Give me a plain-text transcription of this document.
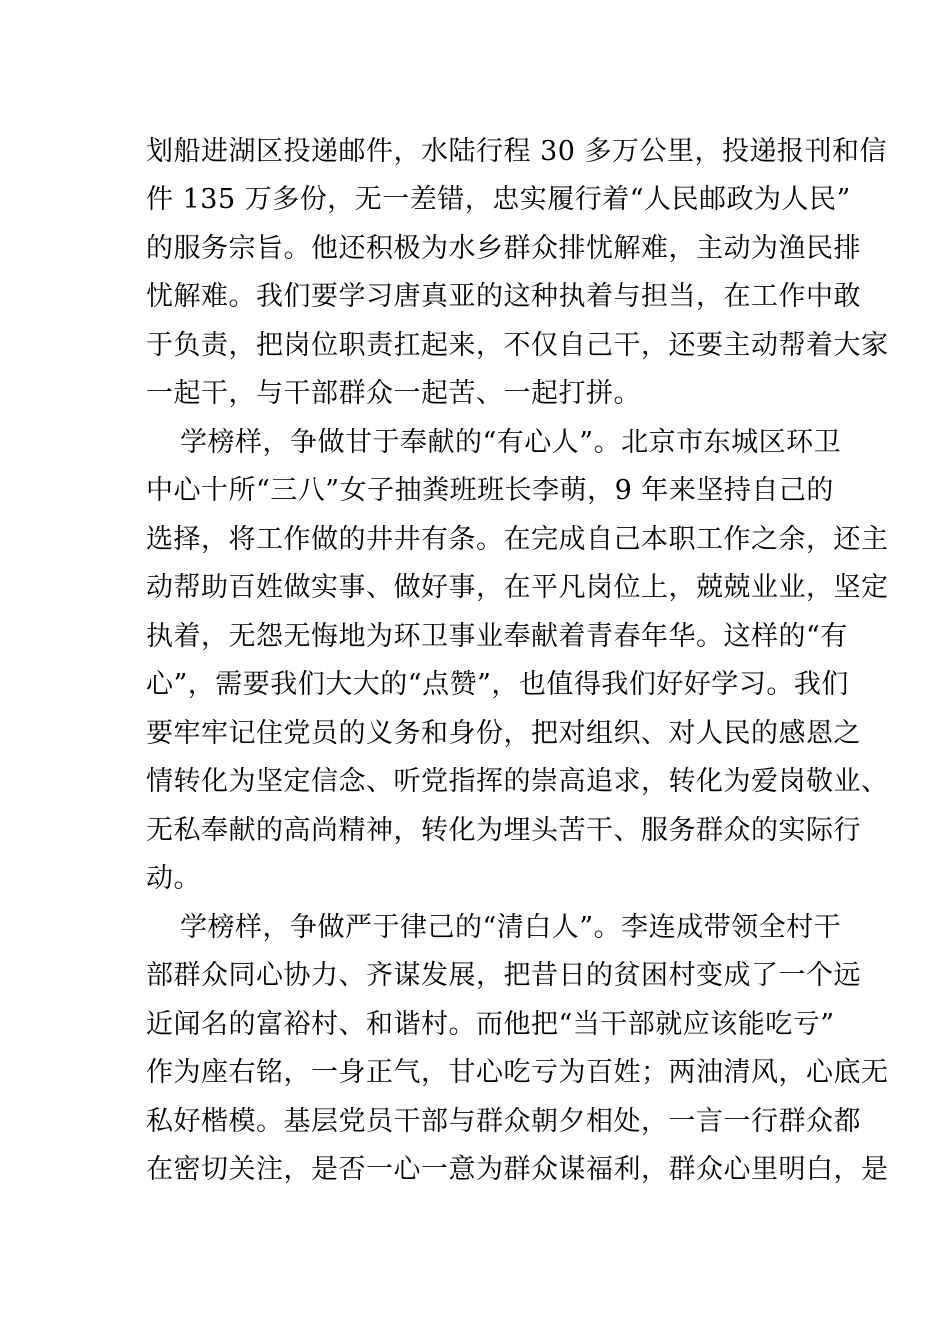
划船进湖区投递邮件，水陆行程 30 多万公里，投递报刊和信
件 135 万多份，无一差错，忠实履行着“人民邮政为人民”
的服务宗旨。他还积极为水乡群众排忧解难，主动为渔民排
忧解难。我们要学习唐真亚的这种执着与担当，在工作中敢
于负责，把岗位职责扛起来，不仅自己干，还要主动帮着大家
一起干，与干部群众一起苦、一起打拼。
学榜样，争做甘于奉献的“有心人”。北京市东城区环卫
中心十所“三八”女子抽粪班班长李萌，9 年来坚持自己的
选择，将工作做的井井有条。在完成自己本职工作之余，还主
动帮助百姓做实事、做好事，在平凡岗位上，兢兢业业，坚定
执着，无怨无悔地为环卫事业奉献着青春年华。这样的“有
心”，需要我们大大的“点赞”，也值得我们好好学习。我们
要牢牢记住党员的义务和身份，把对组织、对人民的感恩之
情转化为坚定信念、听党指挥的崇高追求，转化为爱岗敬业、
无私奉献的高尚精神，转化为埋头苦干、服务群众的实际行
动。
学榜样，争做严于律己的“清白人”。李连成带领全村干
部群众同心协力、齐谋发展，把昔日的贫困村变成了一个远
近闻名的富裕村、和谐村。而他把“当干部就应该能吃亏”
作为座右铭，一身正气，甘心吃亏为百姓；两油清风，心底无
私好楷模。基层党员干部与群众朝夕相处，一言一行群众都
在密切关注，是否一心一意为群众谋福利，群众心里明白，是
